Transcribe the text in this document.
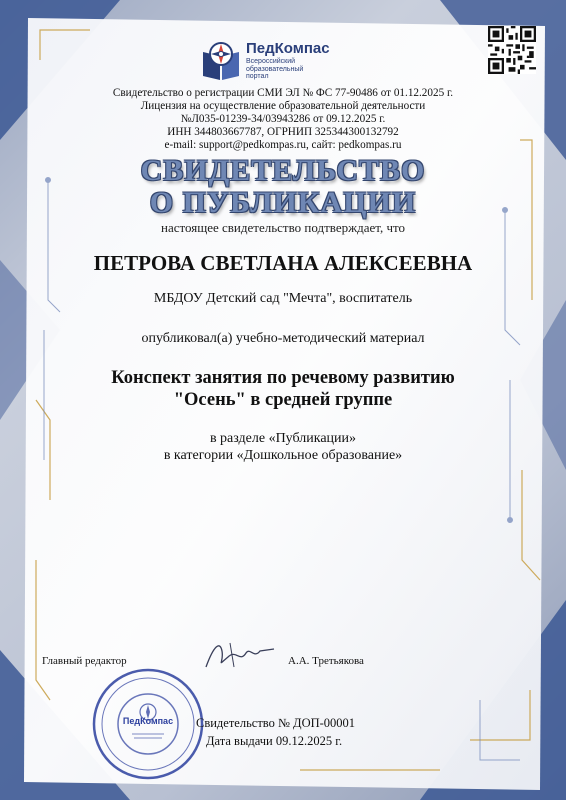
ПедКомпас
Всероссийский образовательный портал
Свидетельство о регистрации СМИ ЭЛ № ФС 77-90486 от 01.12.2025 г.
Лицензия на осуществление образовательной деятельности
№Л035-01239-34/03943286 от 09.12.2025 г.
ИНН 344803667787, ОГРНИП 325344300132792
e-mail: support@pedkompas.ru, сайт: pedkompas.ru
СВИДЕТЕЛЬСТВО
О ПУБЛИКАЦИИ
настоящее свидетельство подтверждает, что
ПЕТРОВА СВЕТЛАНА АЛЕКСЕЕВНА
МБДОУ Детский сад "Мечта", воспитатель
опубликовал(а) учебно-методический материал
Конспект занятия по речевому развитию
"Осень" в средней группе
в разделе «Публикации»
в категории «Дошкольное образование»
Главный редактор	А.А. Третьякова
ПедКомпас	Свидетельство № ДОП-00001
Дата выдачи 09.12.2025 г.
